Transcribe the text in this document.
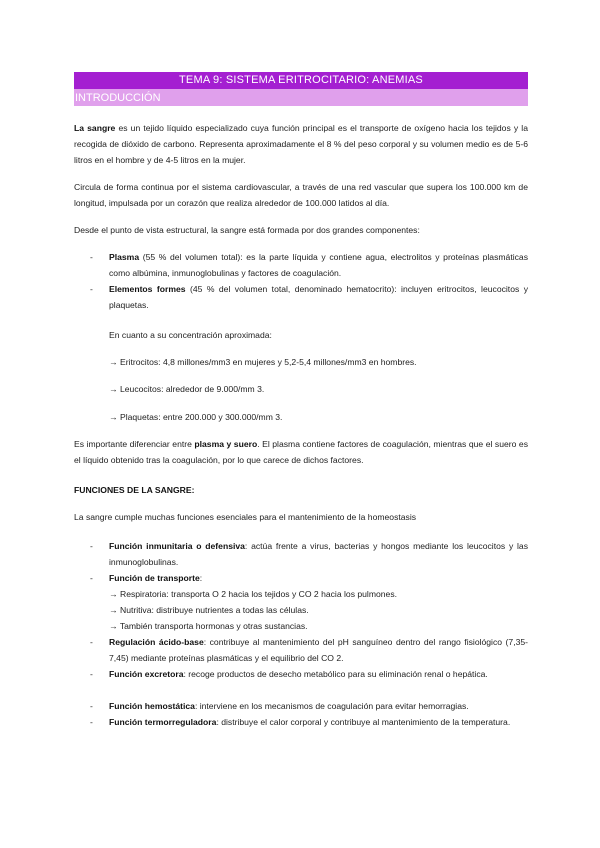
TEMA 9: SISTEMA ERITROCITARIO: ANEMIAS
INTRODUCCIÓN

La sangre es un tejido líquido especializado cuya función principal es el transporte de oxígeno hacia los tejidos y la recogida de dióxido de carbono. Representa aproximadamente el 8 % del peso corporal y su volumen medio es de 5-6 litros en el hombre y de 4-5 litros en la mujer.

Circula de forma continua por el sistema cardiovascular, a través de una red vascular que supera los 100.000 km de longitud, impulsada por un corazón que realiza alrededor de 100.000 latidos al día.

Desde el punto de vista estructural, la sangre está formada por dos grandes componentes:

- Plasma (55 % del volumen total): es la parte líquida y contiene agua, electrolitos y proteínas plasmáticas como albúmina, inmunoglobulinas y factores de coagulación.

- Elementos formes (45 % del volumen total, denominado hematocrito): incluyen eritrocitos, leucocitos y plaquetas.

En cuanto a su concentración aproximada:

→ Eritrocitos: 4,8 millones/mm3 en mujeres y 5,2-5,4 millones/mm3 en hombres.

→ Leucocitos: alrededor de 9.000/mm 3.

→ Plaquetas: entre 200.000 y 300.000/mm 3.

Es importante diferenciar entre plasma y suero. El plasma contiene factores de coagulación, mientras que el suero es el líquido obtenido tras la coagulación, por lo que carece de dichos factores.

FUNCIONES DE LA SANGRE:

La sangre cumple muchas funciones esenciales para el mantenimiento de la homeostasis

- Función inmunitaria o defensiva: actúa frente a virus, bacterias y hongos mediante los leucocitos y las inmunoglobulinas.

- Función de transporte:

→ Respiratoria: transporta O 2 hacia los tejidos y CO 2 hacia los pulmones.

→ Nutritiva: distribuye nutrientes a todas las células.

→ También transporta hormonas y otras sustancias.

- Regulación ácido-base: contribuye al mantenimiento del pH sanguíneo dentro del rango fisiológico (7,35-7,45) mediante proteínas plasmáticas y el equilibrio del CO 2.

- Función excretora: recoge productos de desecho metabólico para su eliminación renal o hepática.

- Función hemostática: interviene en los mecanismos de coagulación para evitar hemorragias.

- Función termorreguladora: distribuye el calor corporal y contribuye al mantenimiento de la temperatura.
